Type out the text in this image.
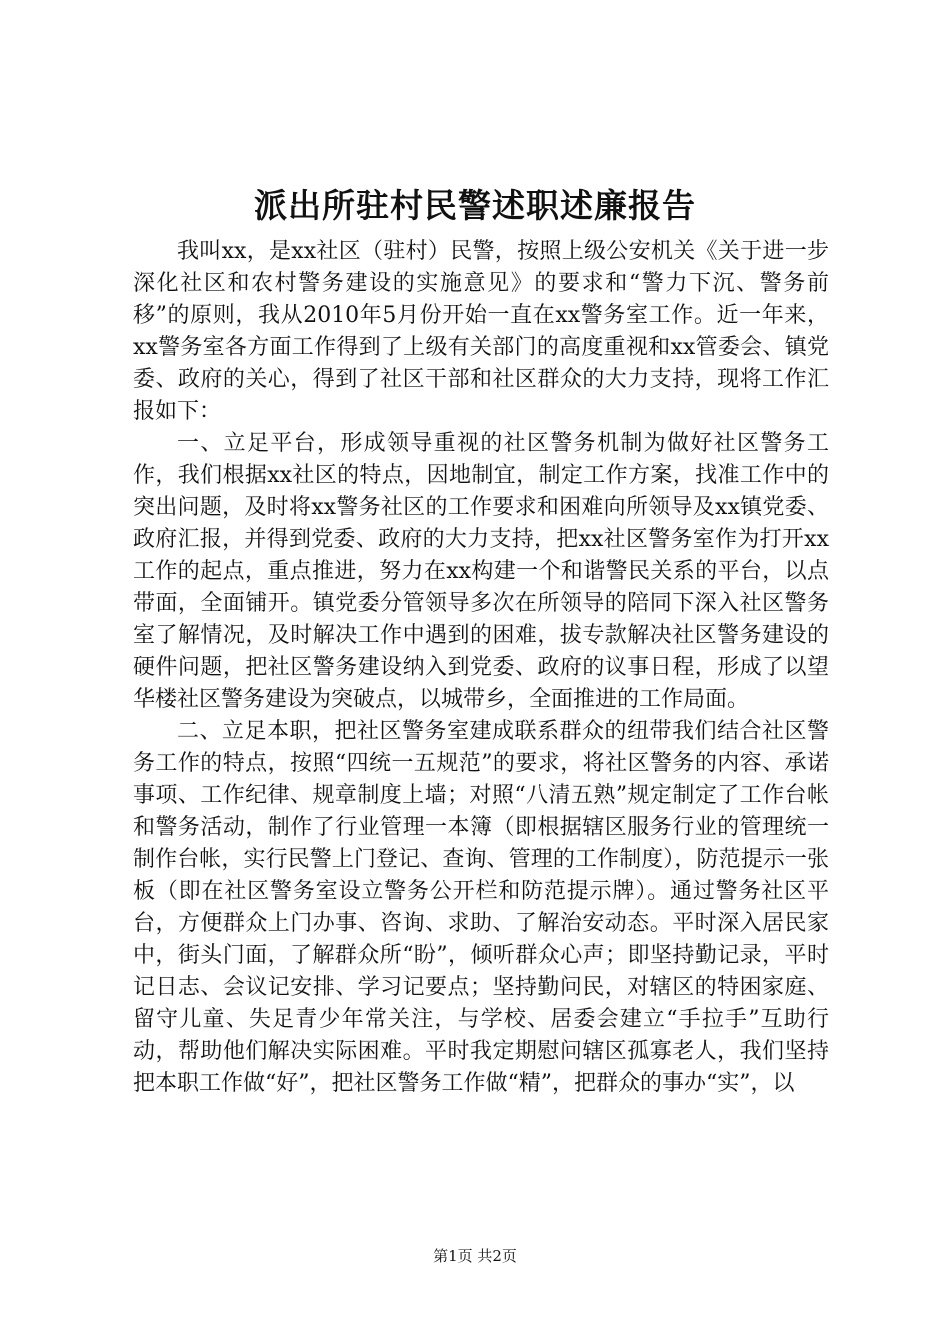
派出所驻村民警述职述廉报告

我叫xx，是xx社区（驻村）民警，按照上级公安机关《关于进一步深化社区和农村警务建设的实施意见》的要求和“警力下沉、警务前移”的原则，我从2010年5月份开始一直在xx警务室工作。近一年来，xx警务室各方面工作得到了上级有关部门的高度重视和xx管委会、镇党委、政府的关心，得到了社区干部和社区群众的大力支持，现将工作汇报如下：

一、立足平台，形成领导重视的社区警务机制为做好社区警务工作，我们根据xx社区的特点，因地制宜，制定工作方案，找准工作中的突出问题，及时将xx警务社区的工作要求和困难向所领导及xx镇党委、政府汇报，并得到党委、政府的大力支持，把xx社区警务室作为打开xx工作的起点，重点推进，努力在xx构建一个和谐警民关系的平台，以点带面，全面铺开。镇党委分管领导多次在所领导的陪同下深入社区警务室了解情况，及时解决工作中遇到的困难，拔专款解决社区警务建设的硬件问题，把社区警务建设纳入到党委、政府的议事日程，形成了以望华楼社区警务建设为突破点，以城带乡，全面推进的工作局面。

二、立足本职，把社区警务室建成联系群众的纽带我们结合社区警务工作的特点，按照“四统一五规范”的要求，将社区警务的内容、承诺事项、工作纪律、规章制度上墙；对照“八清五熟”规定制定了工作台帐和警务活动，制作了行业管理一本簿（即根据辖区服务行业的管理统一制作台帐，实行民警上门登记、查询、管理的工作制度），防范提示一张板（即在社区警务室设立警务公开栏和防范提示牌）。通过警务社区平台，方便群众上门办事、咨询、求助、了解治安动态。平时深入居民家中，街头门面，了解群众所“盼”，倾听群众心声；即坚持勤记录，平时记日志、会议记安排、学习记要点；坚持勤问民，对辖区的特困家庭、留守儿童、失足青少年常关注，与学校、居委会建立“手拉手”互助行动，帮助他们解决实际困难。平时我定期慰问辖区孤寡老人，我们坚持把本职工作做“好”，把社区警务工作做“精”，把群众的事办“实”，以

第1页 共2页
